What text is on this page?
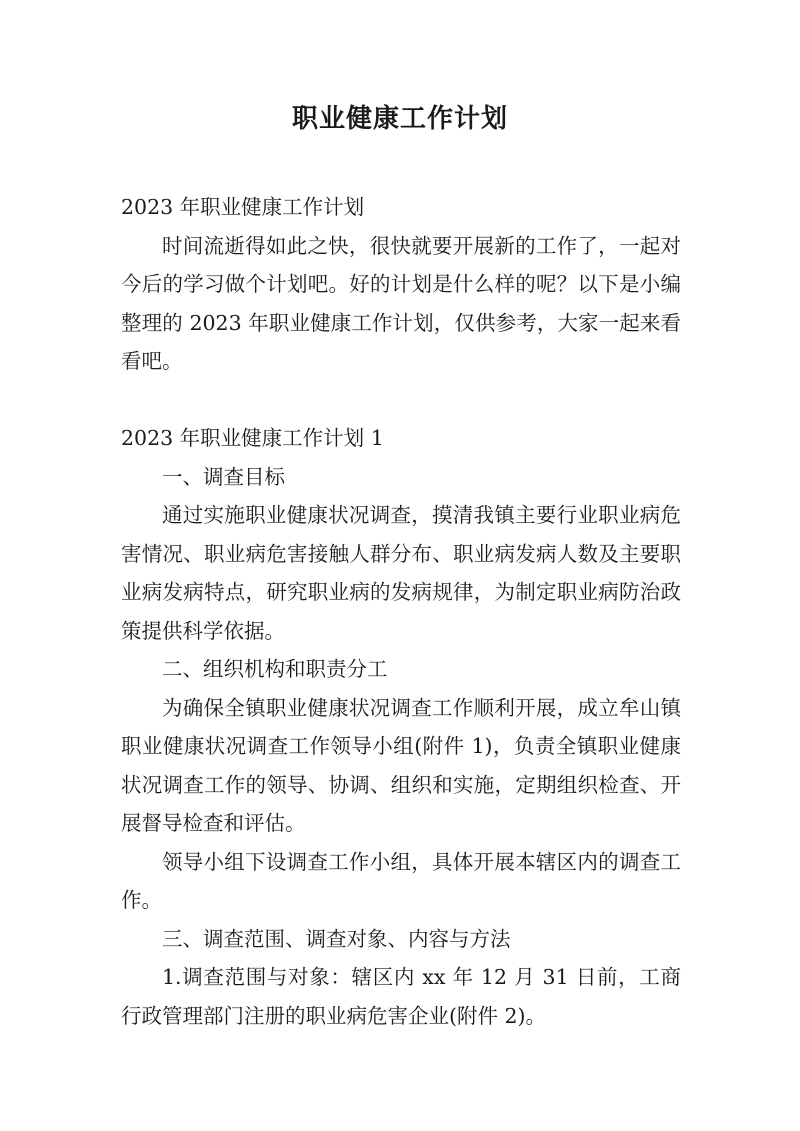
职业健康工作计划

2023 年职业健康工作计划

时间流逝得如此之快，很快就要开展新的工作了，一起对今后的学习做个计划吧。好的计划是什么样的呢？以下是小编整理的 2023 年职业健康工作计划，仅供参考，大家一起来看看吧。

2023 年职业健康工作计划 1

一、调查目标

通过实施职业健康状况调查，摸清我镇主要行业职业病危害情况、职业病危害接触人群分布、职业病发病人数及主要职业病发病特点，研究职业病的发病规律，为制定职业病防治政策提供科学依据。

二、组织机构和职责分工

为确保全镇职业健康状况调查工作顺利开展，成立牟山镇职业健康状况调查工作领导小组(附件 1)，负责全镇职业健康状况调查工作的领导、协调、组织和实施，定期组织检查、开展督导检查和评估。

领导小组下设调查工作小组，具体开展本辖区内的调查工作。

三、调查范围、调查对象、内容与方法

1.调查范围与对象：辖区内 xx 年 12 月 31 日前，工商行政管理部门注册的职业病危害企业(附件 2)。
